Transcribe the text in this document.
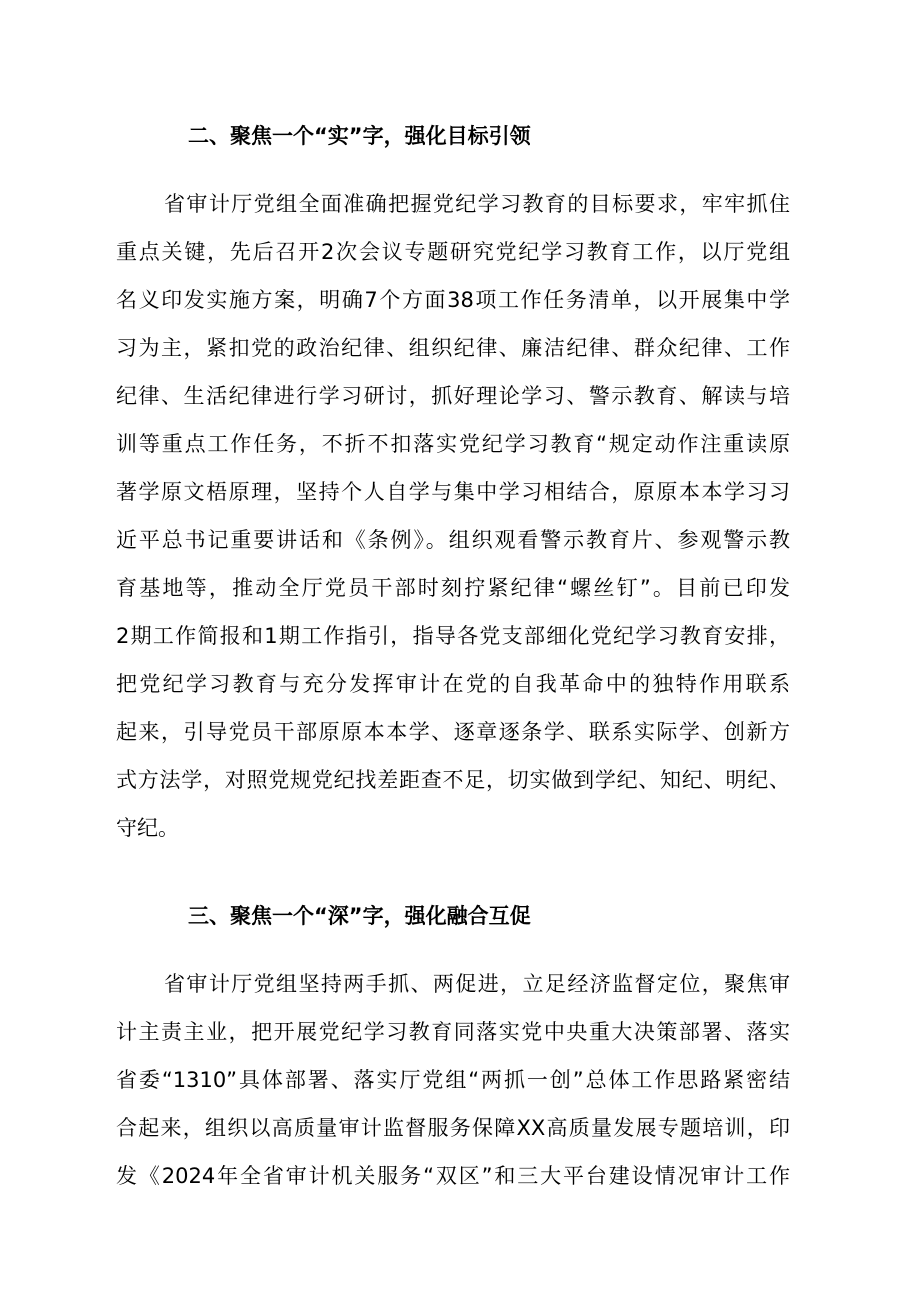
二、聚焦一个“实”字，强化目标引领
省审计厅党组全面准确把握党纪学习教育的目标要求，牢牢抓住
重点关键，先后召开2次会议专题研究党纪学习教育工作，以厅党组
名义印发实施方案，明确7个方面38项工作任务清单，以开展集中学
习为主，紧扣党的政治纪律、组织纪律、廉洁纪律、群众纪律、工作
纪律、生活纪律进行学习研讨，抓好理论学习、警示教育、解读与培
训等重点工作任务，不折不扣落实党纪学习教育“规定动作注重读原
著学原文梧原理，坚持个人自学与集中学习相结合，原原本本学习习
近平总书记重要讲话和《条例》。组织观看警示教育片、参观警示教
育基地等，推动全厅党员干部时刻拧紧纪律“螺丝钉”。目前已印发
2期工作简报和1期工作指引，指导各党支部细化党纪学习教育安排，
把党纪学习教育与充分发挥审计在党的自我革命中的独特作用联系
起来，引导党员干部原原本本学、逐章逐条学、联系实际学、创新方
式方法学，对照党规党纪找差距查不足，切实做到学纪、知纪、明纪、
守纪。
三、聚焦一个“深”字，强化融合互促
省审计厅党组坚持两手抓、两促进，立足经济监督定位，聚焦审
计主责主业，把开展党纪学习教育同落实党中央重大决策部署、落实
省委“1310”具体部署、落实厅党组“两抓一创”总体工作思路紧密结
合起来，组织以高质量审计监督服务保障XX高质量发展专题培训，印
发《2024年全省审计机关服务“双区”和三大平台建设情况审计工作
